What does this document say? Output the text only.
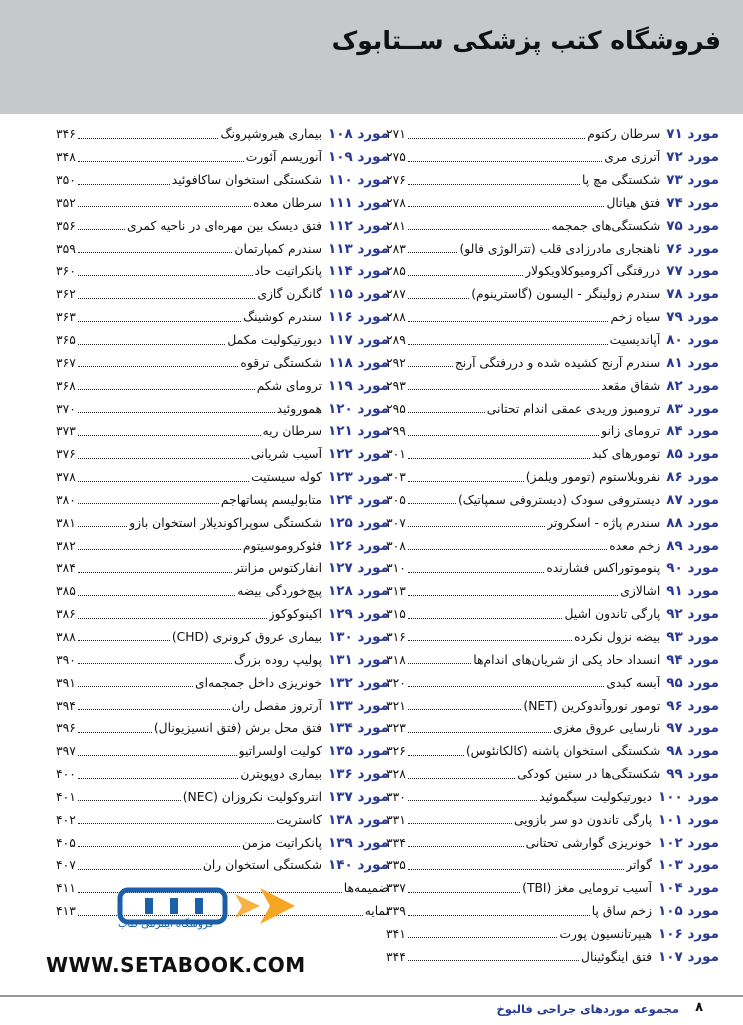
فروشگاه کتب پزشکی ســتابوک
مورد ۷۱
سرطان رکتوم
۲۷۱
مورد ۷۲
آترزی مری
۲۷۵
مورد ۷۳
شکستگی مچ پا
۲۷۶
مورد ۷۴
فتق هیاتال
۲۷۸
مورد ۷۵
شکستگی‌های جمجمه
۲۸۱
مورد ۷۶
ناهنجاری مادرزادی قلب (تترالوژی فالو)
۲۸۳
مورد ۷۷
دررفتگی آکرومیوکلاویکولار
۲۸۵
مورد ۷۸
سندرم زولینگر - الیسون (گاسترینوم)
۲۸۷
مورد ۷۹
سیاه زخم
۲۸۸
مورد ۸۰
آپاندیسیت
۲۸۹
مورد ۸۱
سندرم آرنج کشیده شده و دررفتگی آرنج
۲۹۲
مورد ۸۲
شقاق مقعد
۲۹۳
مورد ۸۳
ترومبوز وریدی عمقی اندام تحتانی
۲۹۵
مورد ۸۴
ترومای زانو
۲۹۹
مورد ۸۵
تومورهای کبد
۳۰۱
مورد ۸۶
نفروبلاستوم (تومور ویلمز)
۳۰۳
مورد ۸۷
دیستروفی سودک (دیستروفی سمپاتیک)
۳۰۵
مورد ۸۸
سندرم پاژه - اسکروتر
۳۰۷
مورد ۸۹
زخم معده
۳۰۸
مورد ۹۰
پنوموتوراکس فشارنده
۳۱۰
مورد ۹۱
اشالازی
۳۱۳
مورد ۹۲
پارگی تاندون اشیل
۳۱۵
مورد ۹۳
بیضه نزول نکرده
۳۱۶
مورد ۹۴
انسداد حاد یکی از شریان‌های اندام‌ها
۳۱۸
مورد ۹۵
آبسه کبدی
۳۲۰
مورد ۹۶
تومور نوروآندوکرین (NET)
۳۲۱
مورد ۹۷
نارسایی عروق مغزی
۳۲۳
مورد ۹۸
شکستگی استخوان پاشنه (کالکانئوس)
۳۲۶
مورد ۹۹
شکستگی‌ها در سنین کودکی
۳۲۸
مورد ۱۰۰
دیورتیکولیت سیگموئید
۳۳۰
مورد ۱۰۱
پارگی تاندون دو سر بازویی
۳۳۱
مورد ۱۰۲
خونریزی گوارشی تحتانی
۳۳۴
مورد ۱۰۳
گواتر
۳۳۵
مورد ۱۰۴
آسیب ترومایی مغز (TBI)
۳۳۷
مورد ۱۰۵
زخم ساق پا
۳۳۹
مورد ۱۰۶
هیپرتانسیون پورت
۳۴۱
مورد ۱۰۷
فتق اینگوئینال
۳۴۴
مورد ۱۰۸
بیماری هیروشپرونگ
۳۴۶
مورد ۱۰۹
آنوریسم آئورت
۳۴۸
مورد ۱۱۰
شکستگی استخوان ساکافوئید
۳۵۰
مورد ۱۱۱
سرطان معده
۳۵۲
مورد ۱۱۲
فتق دیسک بین مهره‌ای در ناحیه کمری
۳۵۶
مورد ۱۱۳
سندرم کمپارتمان
۳۵۹
مورد ۱۱۴
پانکراتیت حاد
۳۶۰
مورد ۱۱۵
گانگرن گازی
۳۶۲
مورد ۱۱۶
سندرم کوشینگ
۳۶۳
مورد ۱۱۷
دیورتیکولیت مکمل
۳۶۵
مورد ۱۱۸
شکستگی ترقوه
۳۶۷
مورد ۱۱۹
ترومای شکم
۳۶۸
مورد ۱۲۰
هموروئید
۳۷۰
مورد ۱۲۱
سرطان ریه
۳۷۳
مورد ۱۲۲
آسیب شریانی
۳۷۶
مورد ۱۲۳
کوله سیستیت
۳۷۸
مورد ۱۲۴
متابولیسم پساتهاجم
۳۸۰
مورد ۱۲۵
شکستگی سوپراکوندیلار استخوان بازو
۳۸۱
مورد ۱۲۶
فئوکروموسیتوم
۳۸۲
مورد ۱۲۷
انفارکتوس مزانتر
۳۸۴
مورد ۱۲۸
پیچ‌خوردگی بیضه
۳۸۵
مورد ۱۲۹
اکینوکوکوز
۳۸۶
مورد ۱۳۰
بیماری عروق کرونری (CHD)
۳۸۸
مورد ۱۳۱
پولیپ روده بزرگ
۳۹۰
مورد ۱۳۲
خونریزی داخل جمجمه‌ای
۳۹۱
مورد ۱۳۳
آرتروز مفصل ران
۳۹۴
مورد ۱۳۴
فتق محل برش (فتق انسیزیونال)
۳۹۶
مورد ۱۳۵
کولیت اولسراتیو
۳۹۷
مورد ۱۳۶
بیماری دوپویترن
۴۰۰
مورد ۱۳۷
انتروکولیت نکروزان (NEC)
۴۰۱
مورد ۱۳۸
کاستریت
۴۰۲
مورد ۱۳۹
پانکراتیت مزمن
۴۰۵
مورد ۱۴۰
شکستگی استخوان ران
۴۰۷
ضمیمه‌ها
۴۱۱
نمایه
۴۱۳
فروشگاه اینترنتی کتاب
WWW.SETABOOK.COM
۸
مجموعه موردهای جراحی فالبوخ
